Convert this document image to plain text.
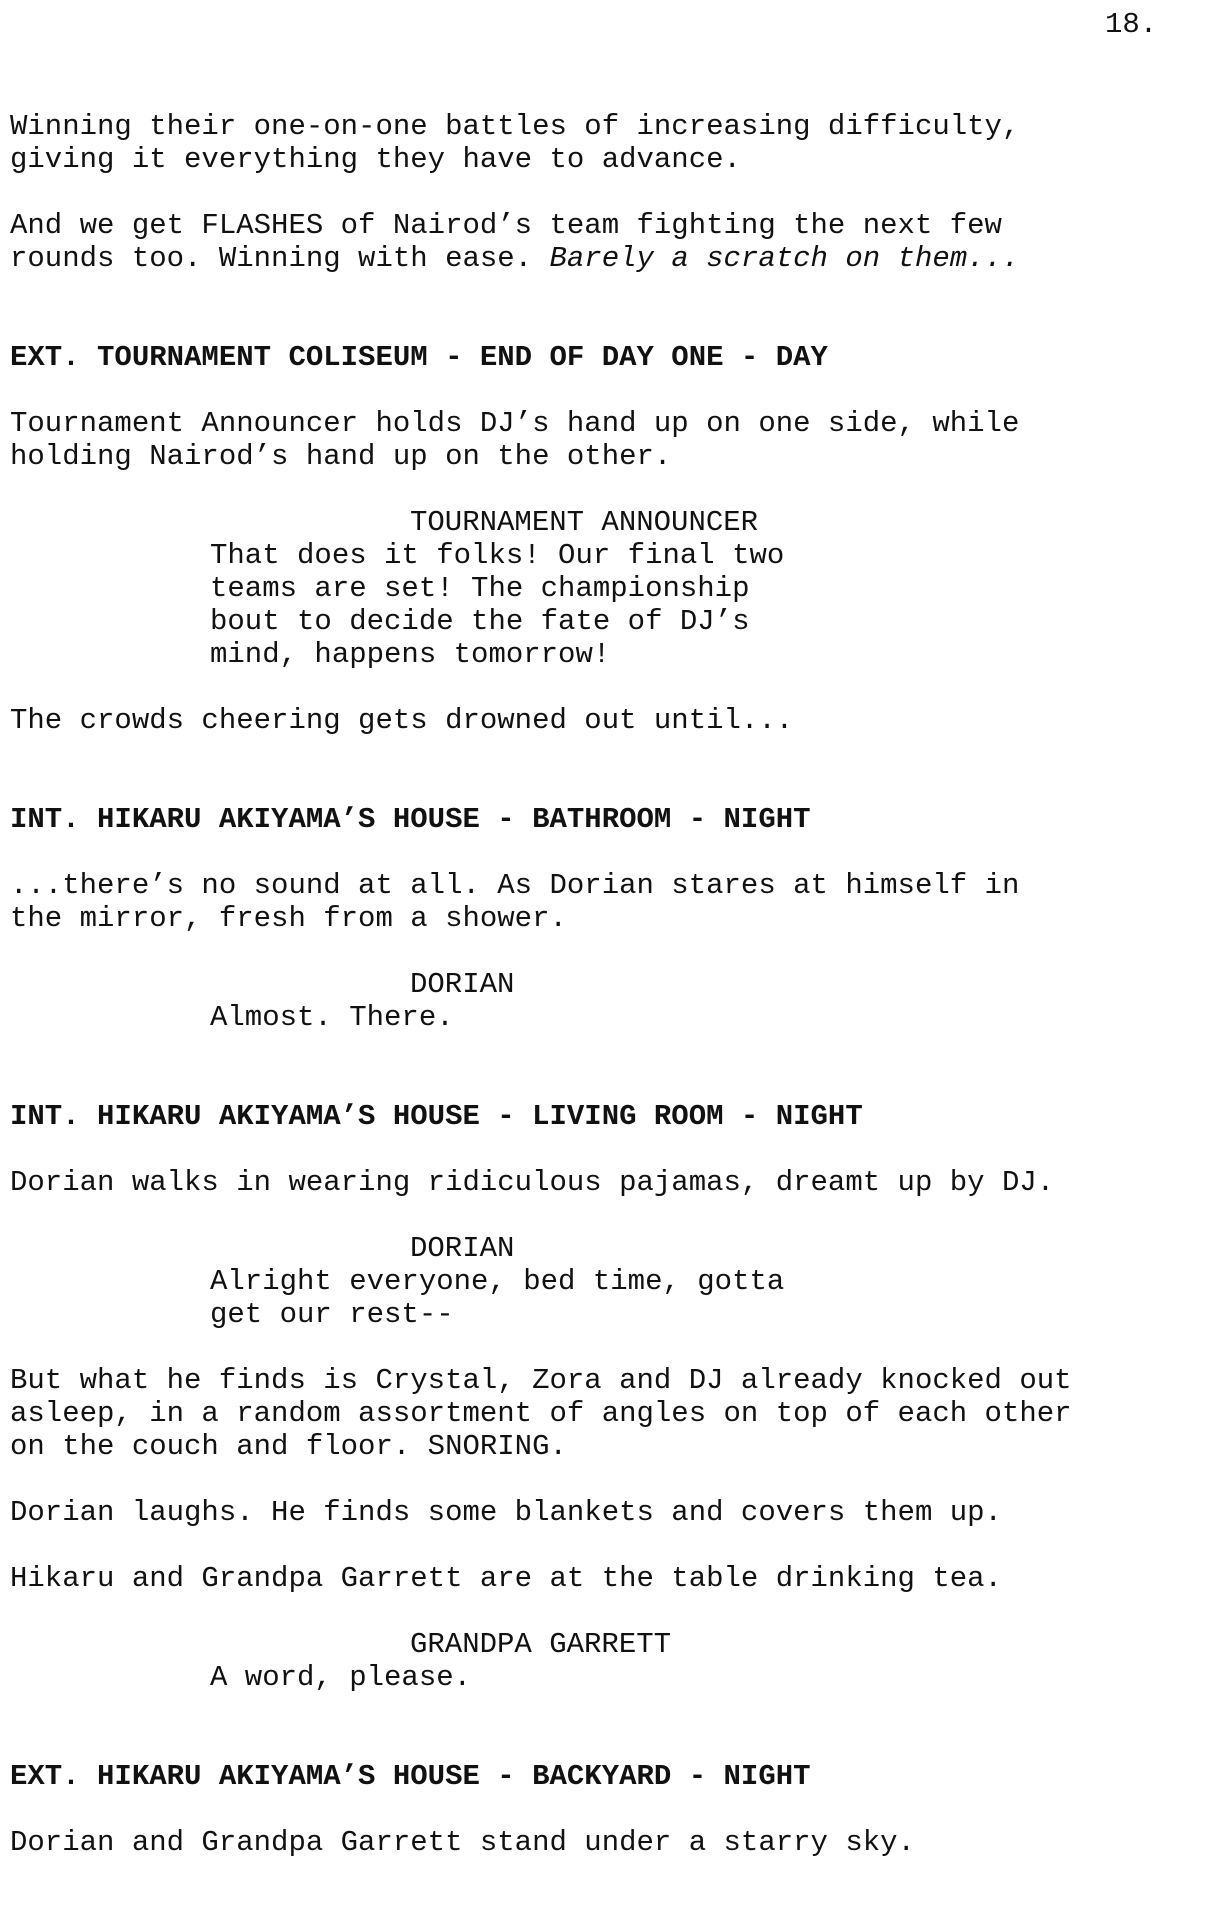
18.
Winning their one-on-one battles of increasing difficulty,
giving it everything they have to advance.
And we get FLASHES of Nairod’s team fighting the next few
rounds too. Winning with ease. Barely a scratch on them...
EXT. TOURNAMENT COLISEUM - END OF DAY ONE - DAY
Tournament Announcer holds DJ’s hand up on one side, while
holding Nairod’s hand up on the other.
TOURNAMENT ANNOUNCER
That does it folks! Our final two
teams are set! The championship
bout to decide the fate of DJ’s
mind, happens tomorrow!
The crowds cheering gets drowned out until...
INT. HIKARU AKIYAMA’S HOUSE - BATHROOM - NIGHT
...there’s no sound at all. As Dorian stares at himself in
the mirror, fresh from a shower.
DORIAN
Almost. There.
INT. HIKARU AKIYAMA’S HOUSE - LIVING ROOM - NIGHT
Dorian walks in wearing ridiculous pajamas, dreamt up by DJ.
DORIAN
Alright everyone, bed time, gotta
get our rest--
But what he finds is Crystal, Zora and DJ already knocked out
asleep, in a random assortment of angles on top of each other
on the couch and floor. SNORING.
Dorian laughs. He finds some blankets and covers them up.
Hikaru and Grandpa Garrett are at the table drinking tea.
GRANDPA GARRETT
A word, please.
EXT. HIKARU AKIYAMA’S HOUSE - BACKYARD - NIGHT
Dorian and Grandpa Garrett stand under a starry sky.
